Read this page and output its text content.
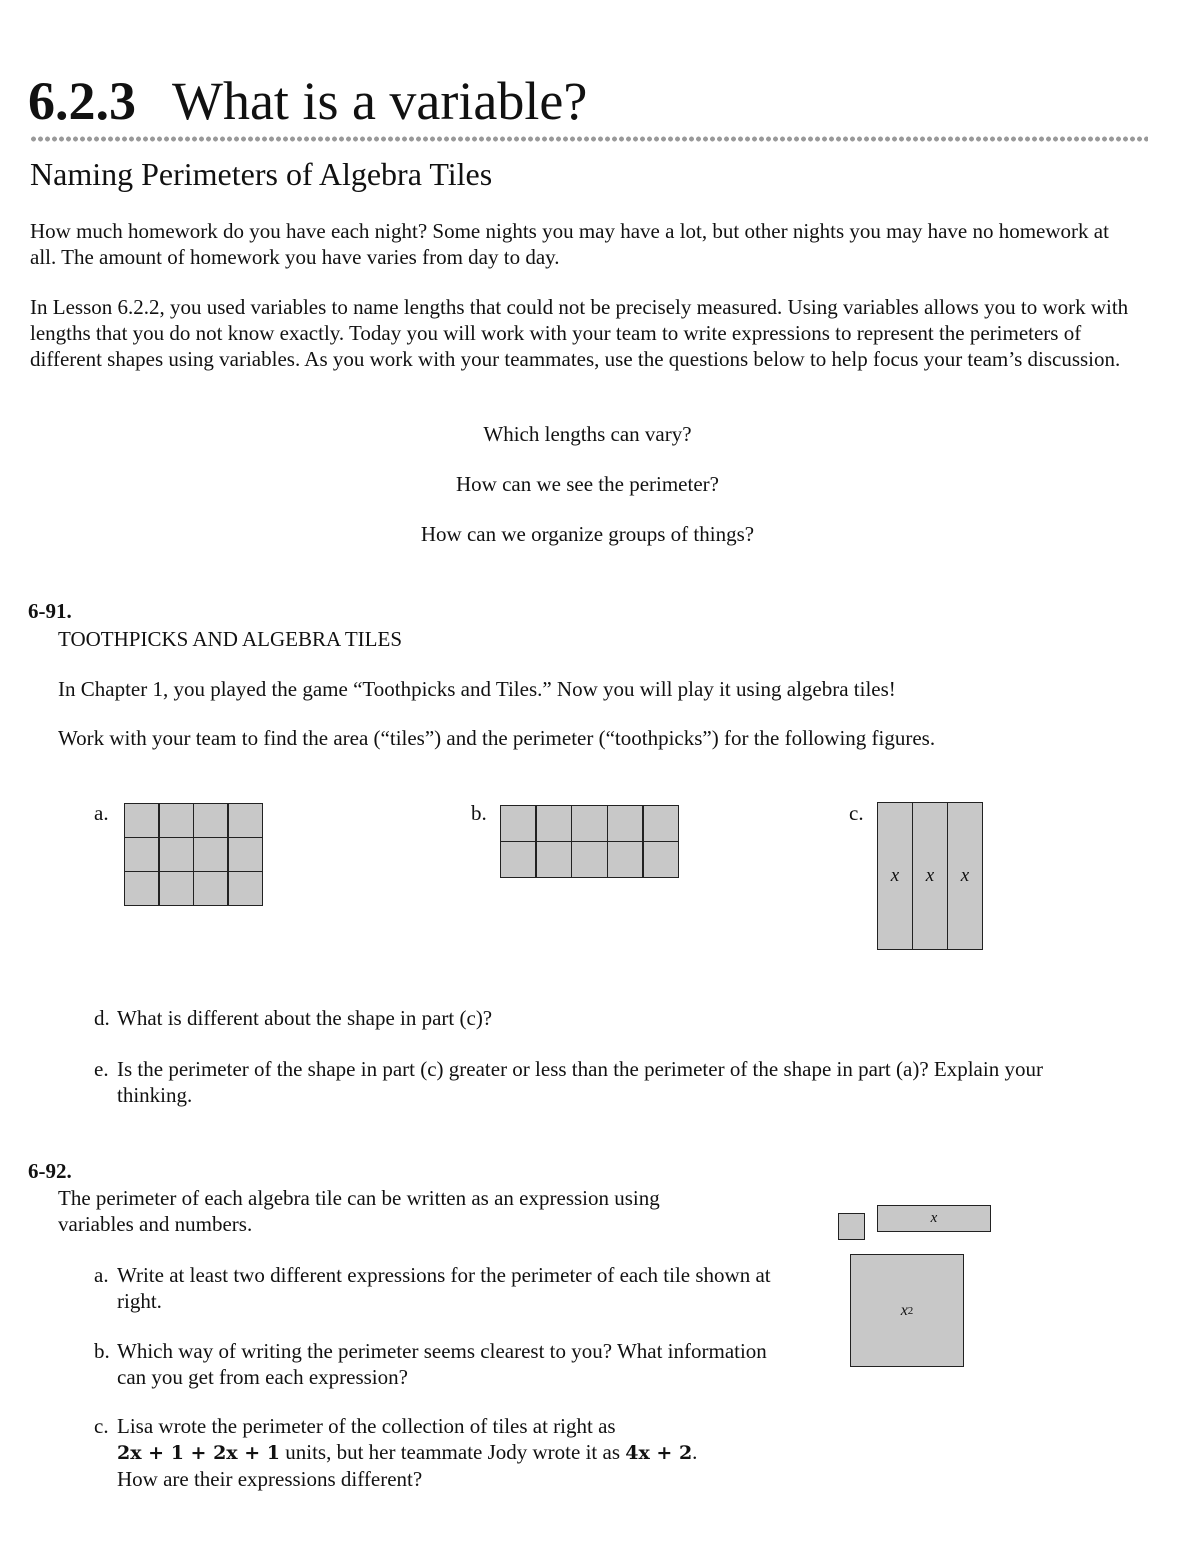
6.2.3 What is a variable?
Naming Perimeters of Algebra Tiles
How much homework do you have each night? Some nights you may have a lot, but other nights you may have no homework at all. The amount of homework you have varies from day to day.
In Lesson 6.2.2, you used variables to name lengths that could not be precisely measured. Using variables allows you to work with lengths that you do not know exactly. Today you will work with your team to write expressions to represent the perimeters of different shapes using variables. As you work with your teammates, use the questions below to help focus your team’s discussion.
Which lengths can vary?
How can we see the perimeter?
How can we organize groups of things?
6-91.
TOOTHPICKS AND ALGEBRA TILES
In Chapter 1, you played the game “Toothpicks and Tiles.” Now you will play it using algebra tiles!
Work with your team to find the area (“tiles”) and the perimeter (“toothpicks”) for the following figures.
a.	b.	c.
x	x	x
d. What is different about the shape in part (c)?
e. Is the perimeter of the shape in part (c) greater or less than the perimeter of the shape in part (a)? Explain your thinking.
6-92.
The perimeter of each algebra tile can be written as an expression using variables and numbers.
a. Write at least two different expressions for the perimeter of each tile shown at right.
b. Which way of writing the perimeter seems clearest to you? What information can you get from each expression?
c. Lisa wrote the perimeter of the collection of tiles at right as
2x + 1 + 2x + 1 units, but her teammate Jody wrote it as 4x + 2.
How are their expressions different?
x
x 2
